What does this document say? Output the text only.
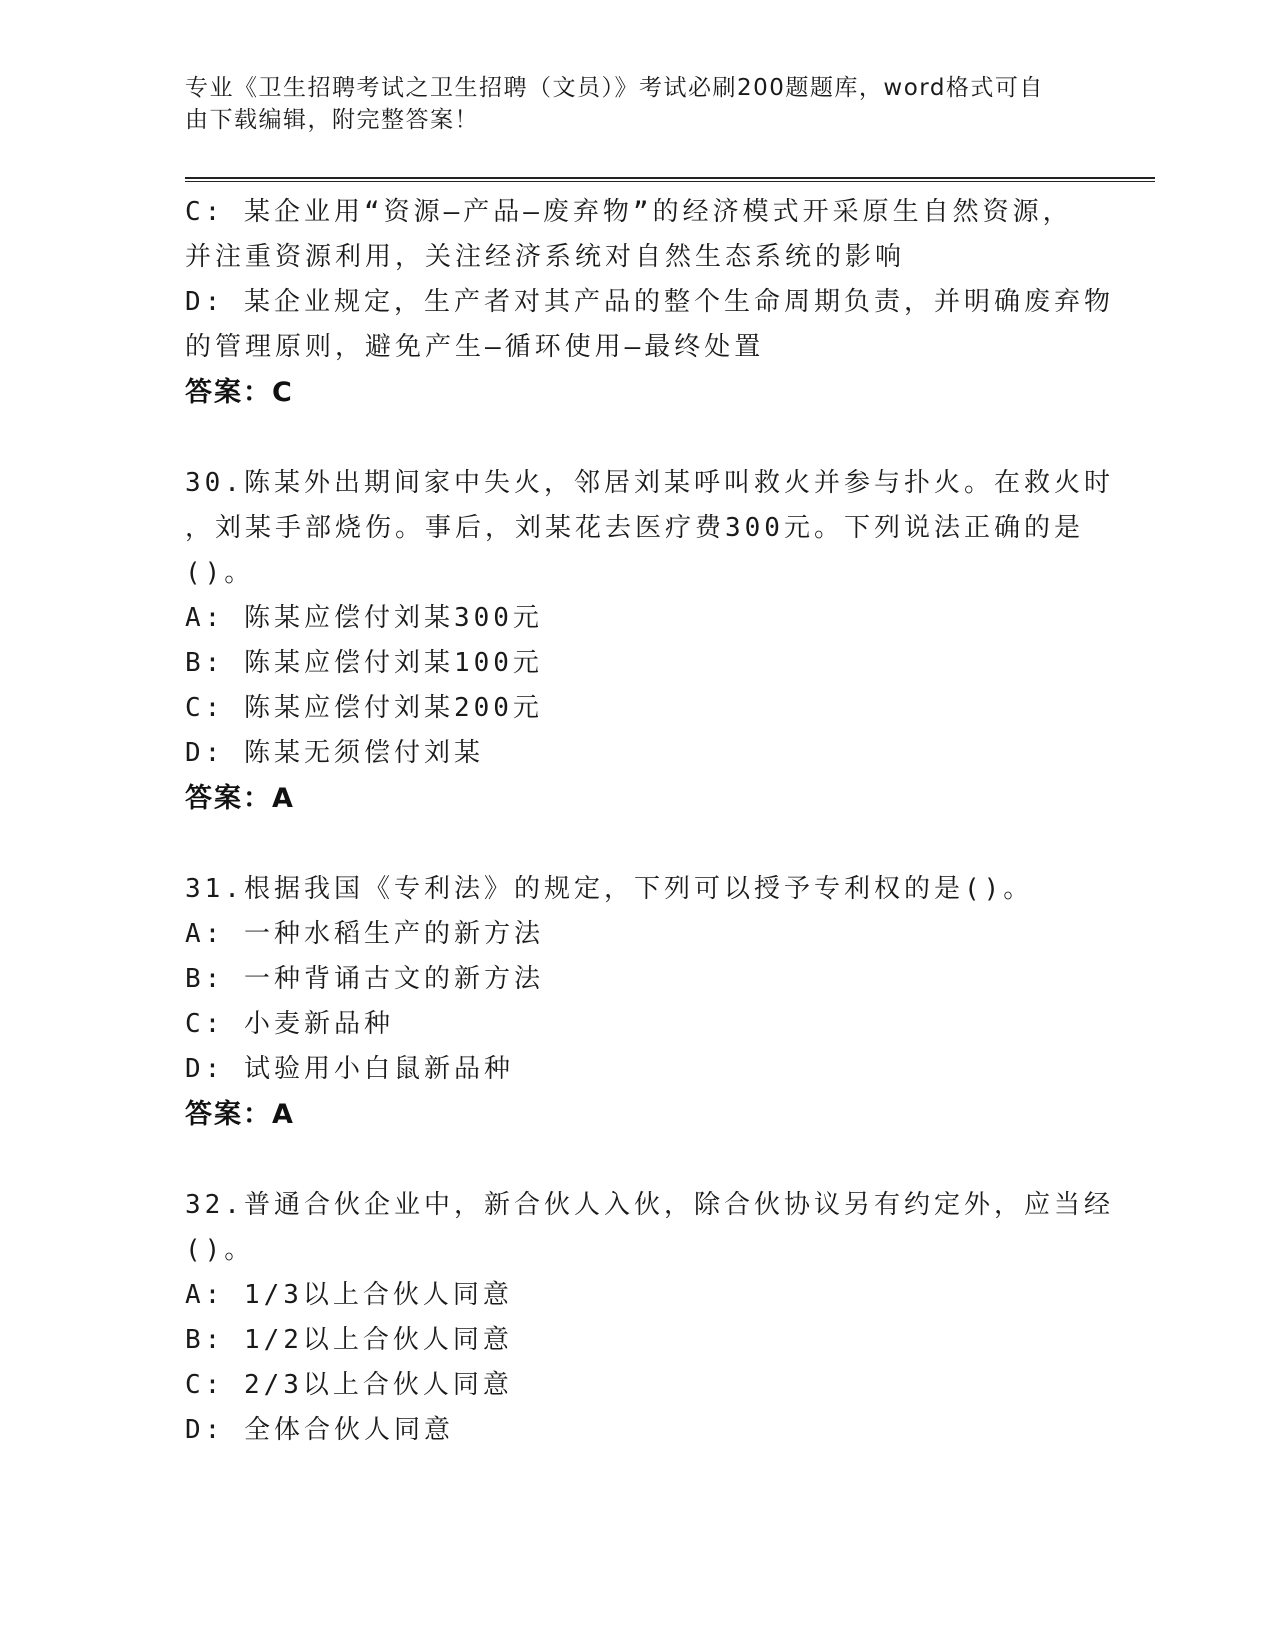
专业《卫生招聘考试之卫生招聘（文员）》考试必刷200题题库，word格式可自
由下载编辑，附完整答案！
C: 某企业用“资源—产品—废弃物”的经济模式开采原生自然资源，
并注重资源利用，关注经济系统对自然生态系统的影响
D: 某企业规定，生产者对其产品的整个生命周期负责，并明确废弃物
的管理原则，避免产生—循环使用—最终处置
答案：C
30.陈某外出期间家中失火，邻居刘某呼叫救火并参与扑火。在救火时
，刘某手部烧伤。事后，刘某花去医疗费300元。下列说法正确的是
()。
A: 陈某应偿付刘某300元
B: 陈某应偿付刘某100元
C: 陈某应偿付刘某200元
D: 陈某无须偿付刘某
答案：A
31.根据我国《专利法》的规定，下列可以授予专利权的是()。
A: 一种水稻生产的新方法
B: 一种背诵古文的新方法
C: 小麦新品种
D: 试验用小白鼠新品种
答案：A
32.普通合伙企业中，新合伙人入伙，除合伙协议另有约定外，应当经
()。
A: 1/3以上合伙人同意
B: 1/2以上合伙人同意
C: 2/3以上合伙人同意
D: 全体合伙人同意
